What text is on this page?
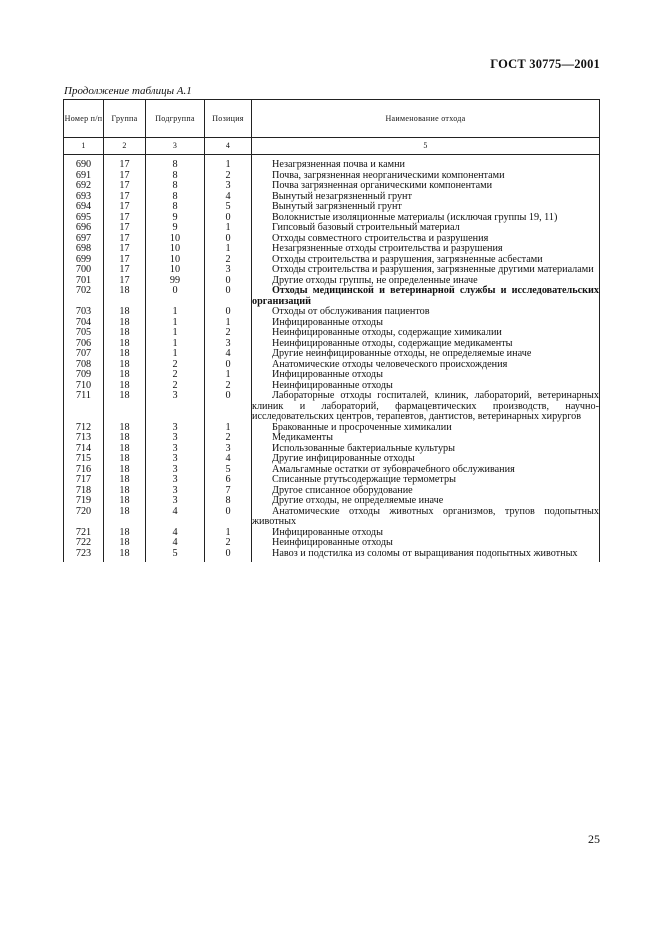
ГОСТ 30775—2001
Продолжение таблицы А.1
Номер п/п	Группа	Подгруппа	Позиция	Наименование отхода
1	2	3	4	5
690	17	8	1	Незагрязненная почва и камни
691	17	8	2	Почва, загрязненная неорганическими компонентами
692	17	8	3	Почва загрязненная органическими компонентами
693	17	8	4	Вынутый незагрязненный грунт
694	17	8	5	Вынутый загрязненный грунт
695	17	9	0	Волокнистые изоляционные материалы (исключая группы 19, 11)
696	17	9	1	Гипсовый базовый строительный материал
697	17	10	0	Отходы совместного строительства и разрушения
698	17	10	1	Незагрязненные отходы строительства и разрушения
699	17	10	2	Отходы строительства и разрушения, загрязненные асбестами
700	17	10	3	Отходы строительства и разрушения, загрязненные другими материалами
701	17	99	0	Другие отходы группы, не определенные иначе
702	18	0	0	Отходы медицинской и ветеринарной службы и исследовательских организаций
703	18	1	0	Отходы от обслуживания пациентов
704	18	1	1	Инфицированные отходы
705	18	1	2	Неинфицированные отходы, содержащие химикалии
706	18	1	3	Неинфицированные отходы, содержащие медикаменты
707	18	1	4	Другие неинфицированные отходы, не определяемые иначе
708	18	2	0	Анатомические отходы человеческого происхождения
709	18	2	1	Инфицированные отходы
710	18	2	2	Неинфицированные отходы
711	18	3	0	Лабораторные отходы госпиталей, клиник, лабораторий, ветеринарных клиник и лабораторий, фармацевтических производств, научно-исследовательских центров, терапевтов, дантистов, ветеринарных хирургов
712	18	3	1	Бракованные и просроченные химикалии
713	18	3	2	Медикаменты
714	18	3	3	Использованные бактериальные культуры
715	18	3	4	Другие инфицированные отходы
716	18	3	5	Амальгамные остатки от зубоврачебного обслуживания
717	18	3	6	Списанные ртутьсодержащие термометры
718	18	3	7	Другое списанное оборудование
719	18	3	8	Другие отходы, не определяемые иначе
720	18	4	0	Анатомические отходы животных организмов, трупов подопытных животных
721	18	4	1	Инфицированные отходы
722	18	4	2	Неинфицированные отходы
723	18	5	0	Навоз и подстилка из соломы от выращивания подопытных животных
25
